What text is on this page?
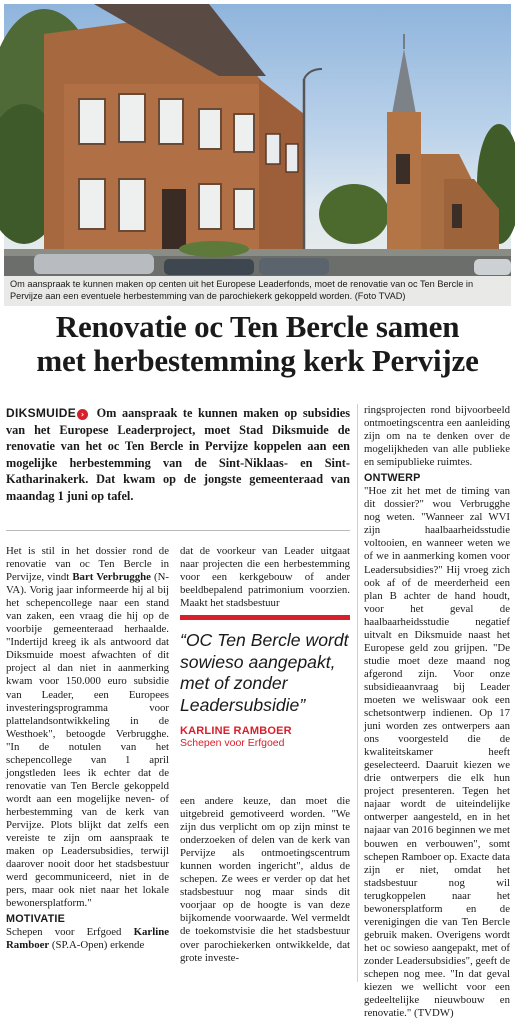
Om aanspraak te kunnen maken op centen uit het Europese Leaderfonds, moet de renovatie van oc Ten Bercle in Pervijze aan een eventuele herbestemming van de parochiekerk gekoppeld worden. (Foto TVAD)
Renovatie oc Ten Bercle samen
met herbestemming kerk Pervijze
DIKSMUIDE › Om aanspraak te kunnen maken op subsidies van het Europese Leaderproject, moet Stad Diksmuide de renovatie van het oc Ten Bercle in Pervijze koppelen aan een mogelijke herbestemming van de Sint-Niklaas- en Sint-Katharinakerk. Dat kwam op de jongste gemeenteraad van maandag 1 juni op tafel.

Het is stil in het dossier rond de renovatie van oc Ten Bercle in Pervijze, vindt Bart Verbrugghe (N-VA). Vorig jaar informeerde hij al bij het schepencollege naar een stand van zaken, een vraag die hij op de voorbije gemeenteraad herhaalde. "Indertijd kreeg ik als antwoord dat Diksmuide moest afwachten of dit project al dan niet in aanmerking kwam voor 150.000 euro subsidie van Leader, een Europees investeringsprogramma voor plattelandsontwikkeling in de Westhoek", betoogde Verbrugghe. "In de notulen van het schepencollege van 1 april jongstleden lees ik echter dat de renovatie van Ten Bercle gekoppeld wordt aan een mogelijke neven- of herbestemming van de kerk van Pervijze. Plots blijkt dat zelfs een vereiste te zijn om aanspraak te maken op Leadersubsidies, terwijl daarover nooit door het stadsbestuur werd gecommuniceerd, niet in de pers, maar ook niet naar het lokale bewonersplatform."

MOTIVATIE

Schepen voor Erfgoed Karline Ramboer (SP.A-Open) erkende

dat de voorkeur van Leader uitgaat naar projecten die een herbestemming voor een kerkgebouw of ander beeldbepalend patrimonium voorzien. Maakt het stadsbestuur

“OC Ten Bercle wordt sowieso aangepakt, met of zonder Leadersubsidie”
KARLINE RAMBOER
Schepen voor Erfgoed

een andere keuze, dan moet die uitgebreid gemotiveerd worden. "We zijn dus verplicht om op zijn minst te onderzoeken of delen van de kerk van Pervijze als ontmoetingscentrum kunnen worden ingericht", aldus de schepen. Ze wees er verder op dat het stadsbestuur nog maar sinds dit voorjaar op de hoogte is van deze bijkomende voorwaarde. Wel vermeldt de toekomstvisie die het stadsbestuur over parochiekerken ontwikkelde, dat grote investe-

ringsprojecten rond bijvoorbeeld ontmoetingscentra een aanleiding zijn om na te denken over de mogelijkheden van alle publieke en semipublieke ruimtes.

ONTWERP

"Hoe zit het met de timing van dit dossier?" wou Verbrugghe nog weten. "Wanneer zal WVI zijn haalbaarheidsstudie voltooien, en wanneer weten we of we in aanmerking komen voor Leadersubsidies?" Hij vroeg zich ook af of de meerderheid een plan B achter de hand houdt, voor het geval de haalbaarheidsstudie negatief uitvalt en Diksmuide naast het Europese geld zou grijpen. "De studie moet deze maand nog afgerond zijn. Voor onze subsidieaanvraag bij Leader moeten we weliswaar ook een schetsontwerp indienen. Op 17 juni worden zes ontwerpers aan ons voorgesteld die de kwaliteitskamer heeft geselecteerd. Daaruit kiezen we drie ontwerpers die elk hun project presenteren. Tegen het najaar wordt de uiteindelijke ontwerper aangesteld, en in het najaar van 2016 beginnen we met bouwen en verbouwen", somt schepen Ramboer op. Exacte data zijn er niet, omdat het stadsbestuur nog wil terugkoppelen naar het bewonersplatform en de verenigingen die van Ten Bercle gebruik maken. Overigens wordt het oc sowieso aangepakt, met of zonder Leadersubsidies", geeft de schepen nog mee. "In dat geval kiezen we wellicht voor een gedeeltelijke nieuwbouw en renovatie." (TVDW)
